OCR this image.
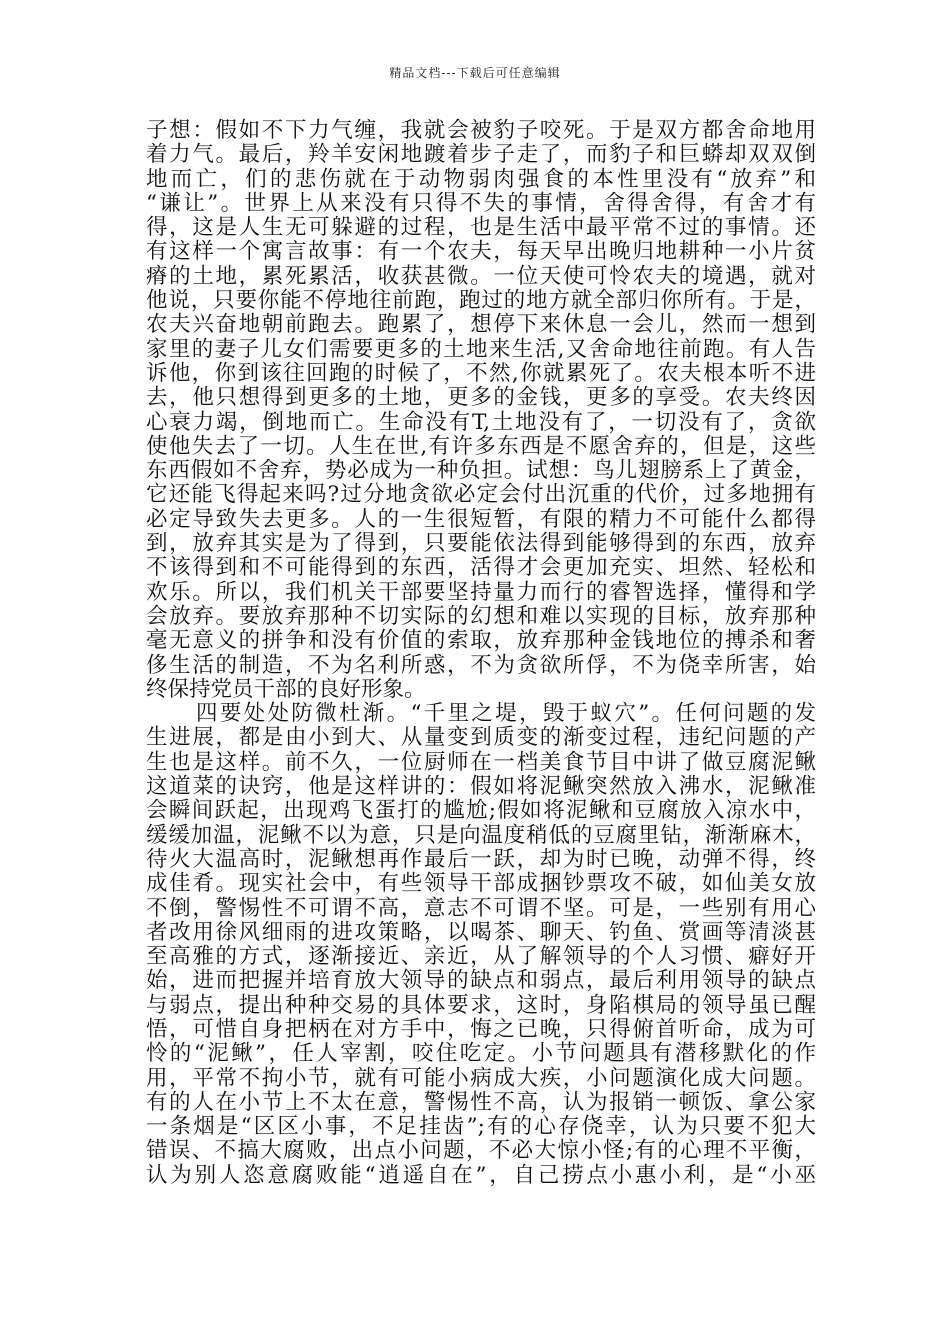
精品文档---下载后可任意编辑
子想：假如不下力气缠，我就会被豹子咬死。于是双方都舍命地用
着力气。最后，羚羊安闲地踱着步子走了，而豹子和巨蟒却双双倒
地而亡，们的悲伤就在于动物弱肉强食的本性里没有“放弃”和
“谦让”。世界上从来没有只得不失的事情，舍得舍得，有舍才有
得，这是人生无可躲避的过程，也是生活中最平常不过的事情。还
有这样一个寓言故事：有一个农夫，每天早出晚归地耕种一小片贫
瘠的土地，累死累活，收获甚微。一位天使可怜农夫的境遇，就对
他说，只要你能不停地往前跑，跑过的地方就全部归你所有。于是，
农夫兴奋地朝前跑去。跑累了，想停下来休息一会儿，然而一想到
家里的妻子儿女们需要更多的土地来生活,又舍命地往前跑。有人告
诉他，你到该往回跑的时候了，不然,你就累死了。农夫根本听不进
去，他只想得到更多的土地，更多的金钱，更多的享受。农夫终因
心衰力竭，倒地而亡。生命没有T,土地没有了，一切没有了，贪欲
使他失去了一切。人生在世,有许多东西是不愿舍弃的，但是，这些
东西假如不舍弃，势必成为一种负担。试想：鸟儿翅膀系上了黄金，
它还能飞得起来吗?过分地贪欲必定会付出沉重的代价，过多地拥有
必定导致失去更多。人的一生很短暂，有限的精力不可能什么都得
到，放弃其实是为了得到，只要能依法得到能够得到的东西，放弃
不该得到和不可能得到的东西，活得才会更加充实、坦然、轻松和
欢乐。所以，我们机关干部要坚持量力而行的睿智选择，懂得和学
会放弃。要放弃那种不切实际的幻想和难以实现的目标，放弃那种
毫无意义的拼争和没有价值的索取，放弃那种金钱地位的搏杀和奢
侈生活的制造，不为名利所惑，不为贪欲所俘，不为侥幸所害，始
终保持党员干部的良好形象。
四要处处防微杜渐。“千里之堤，毁于蚁穴”。任何问题的发
生进展，都是由小到大、从量变到质变的渐变过程，违纪问题的产
生也是这样。前不久，一位厨师在一档美食节目中讲了做豆腐泥鳅
这道菜的诀窍，他是这样讲的：假如将泥鳅突然放入沸水，泥鳅准
会瞬间跃起，出现鸡飞蛋打的尴尬;假如将泥鳅和豆腐放入凉水中，
缓缓加温，泥鳅不以为意，只是向温度稍低的豆腐里钻，渐渐麻木，
待火大温高时，泥鳅想再作最后一跃，却为时已晚，动弹不得，终
成佳肴。现实社会中，有些领导干部成捆钞票攻不破，如仙美女放
不倒，警惕性不可谓不高，意志不可谓不坚。可是，一些别有用心
者改用徐风细雨的进攻策略，以喝茶、聊天、钓鱼、赏画等清淡甚
至高雅的方式，逐渐接近、亲近，从了解领导的个人习惯、癖好开
始，进而把握并培育放大领导的缺点和弱点，最后利用领导的缺点
与弱点，提出种种交易的具体要求，这时，身陷棋局的领导虽已醒
悟，可惜自身把柄在对方手中，悔之已晚，只得俯首听命，成为可
怜的“泥鳅”，任人宰割，咬住吃定。小节问题具有潜移默化的作
用，平常不拘小节，就有可能小病成大疾，小问题演化成大问题。
有的人在小节上不太在意，警惕性不高，认为报销一顿饭、拿公家
一条烟是“区区小事，不足挂齿”;有的心存侥幸，认为只要不犯大
错误、不搞大腐败，出点小问题，不必大惊小怪;有的心理不平衡，
认为别人恣意腐败能“逍遥自在”，自己捞点小惠小利，是“小巫
